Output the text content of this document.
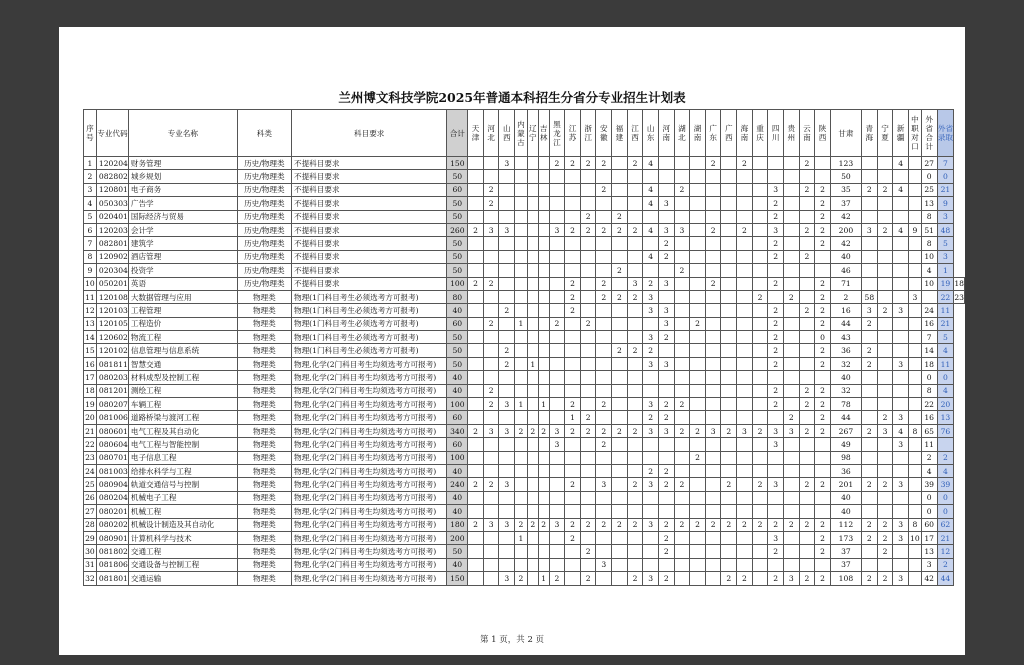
兰州博文科技学院2025年普通本科招生分省分专业招生计划表
序号	专业代码	专业名称	科类	科目要求	合计	天津	河北	山西	内蒙古	辽宁	吉林	黑龙江	江苏	浙江	安徽	福建	江西	山东	河南	湖北	湖南	广东	广西	海南	重庆	四川	贵州	云南	陕西	甘肃	青海	宁夏	新疆	中职对口	外省合计	外省录取	
1	120204	财务管理	历史/物理类	不提科目要求	150			3				2	2	2	2		2	4				2		2				2		123			4		27	7	
2	082802	城乡规划	历史/物理类	不提科目要求	50																									50					0	0	
3	120801	电子商务	历史/物理类	不提科目要求	60		2								2			4		2						3		2	2	35	2	2	4		25	21	
4	050303	广告学	历史/物理类	不提科目要求	50		2											4	3							2			2	37					13	9	
5	020401	国际经济与贸易	历史/物理类	不提科目要求	50									2		2										2			2	42					8	3	
6	120203	会计学	历史/物理类	不提科目要求	260	2	3	3				3	2	2	2	2	2	4	3	3		2		2		3		2	2	200	3	2	4	9	51	48	
7	082801	建筑学	历史/物理类	不提科目要求	50														2							2			2	42					8	5	
8	120902	酒店管理	历史/物理类	不提科目要求	50													4	2							2		2		40					10	3	
9	020304	投资学	历史/物理类	不提科目要求	50											2				2										46					4	1	
10	050201	英语	历史/物理类	不提科目要求	100	2	2						2		2		3	2	3			2				2			2	71					10	19	18
11	120108	大数据管理与应用	物理类	物理(1门科目考生必须选考方可报考)	80								2		2	2	2	3							2		2		2	2	58			3		22	23
12	120103	工程管理	物理类	物理(1门科目考生必须选考方可报考)	40			2					2					3	3							2		2	2	16	3	2	3		24	11	
13	120105	工程造价	物理类	物理(1门科目考生必须选考方可报考)	60		2		1			2		2					3		2					2			2	44	2				16	21	
14	120602	物流工程	物理类	物理(1门科目考生必须选考方可报考)	50													3	2							2			0	43					7	5	
15	120102	信息管理与信息系统	物理类	物理(1门科目考生必须选考方可报考)	50			2								2	2	2								2			2	36	2				14	4	
16	081811	智慧交通	物理类	物理,化学(2门科目考生均须选考方可报考)	50			2		1								3	3							2			2	32	2		3		18	11	
17	080203	材料成型及控制工程	物理类	物理,化学(2门科目考生均须选考方可报考)	40																									40					0	0	
18	081201	测绘工程	物理类	物理,化学(2门科目考生均须选考方可报考)	40		2																			2		2	2	32					8	4	
19	080207	车辆工程	物理类	物理,化学(2门科目考生均须选考方可报考)	100		2	3	1		1		2		2			3	2	2						2		2	2	78					22	20	
20	081006	道路桥梁与渡河工程	物理类	物理,化学(2门科目考生均须选考方可报考)	60								1	2				2	2								2		2	44		2	3		16	13	
21	080601	电气工程及其自动化	物理类	物理,化学(2门科目考生均须选考方可报考)	340	2	3	3	2	2	2	3	2	2	2	2	2	3	3	2	2	3	2	3	2	3	3	2	2	267	2	3	4	8	65	76	
22	080604	电气工程与智能控制	物理类	物理,化学(2门科目考生均须选考方可报考)	60							3			2											3				49			3		11		
23	080701	电子信息工程	物理类	物理,化学(2门科目考生均须选考方可报考)	100																2									98					2	2	
24	081003	给排水科学与工程	物理类	物理,化学(2门科目考生均须选考方可报考)	40													2	2											36					4	4	
25	080904	轨道交通信号与控制	物理类	物理,化学(2门科目考生均须选考方可报考)	240	2	2	3					2		3		2	3	2	2			2		2	3		2	2	201	2	2	3		39	39	
26	080204	机械电子工程	物理类	物理,化学(2门科目考生均须选考方可报考)	40																									40					0	0	
27	080201	机械工程	物理类	物理,化学(2门科目考生均须选考方可报考)	40																									40					0	0	
28	080202	机械设计制造及其自动化	物理类	物理,化学(2门科目考生均须选考方可报考)	180	2	3	3	2	2	2	3	2	2	2	2	2	3	2	2	2	2	2	2	2	2	2	2	2	112	2	2	3	8	60	62	
29	080901	计算机科学与技术	物理类	物理,化学(2门科目考生均须选考方可报考)	200				1				2						2							3			2	173	2	2	3	10	17	21	
30	081802	交通工程	物理类	物理,化学(2门科目考生均须选考方可报考)	50									2					2							2			2	37		2			13	12	
31	081806	交通设备与控制工程	物理类	物理,化学(2门科目考生均须选考方可报考)	40										3															37					3	2	
32	081801	交通运输	物理类	物理,化学(2门科目考生均须选考方可报考)	150			3	2		1	2		2			2	3	2				2	2		2	3	2	2	108	2	2	3		42	44	
第 1 页，共 2 页
